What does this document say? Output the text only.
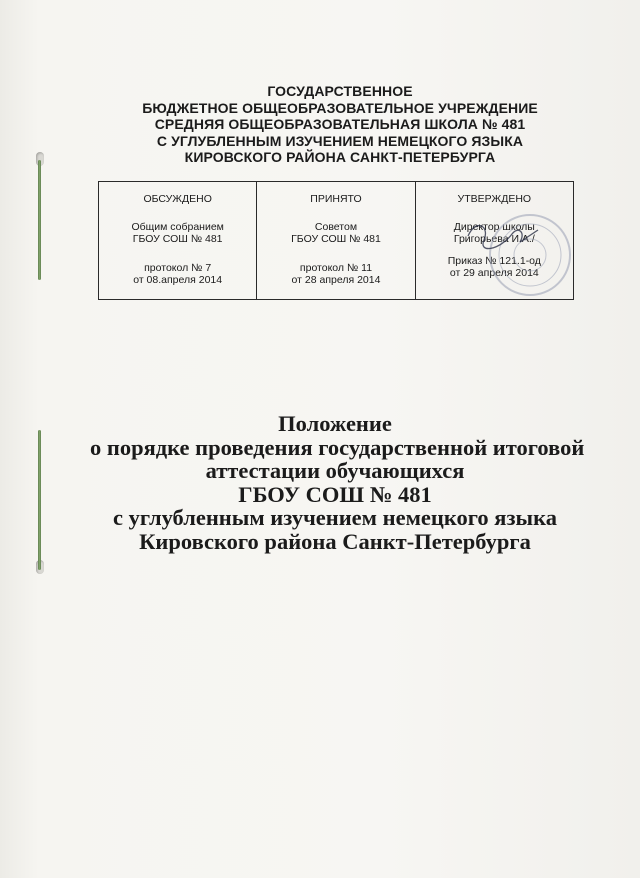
ГОСУДАРСТВЕННОЕ
БЮДЖЕТНОЕ ОБЩЕОБРАЗОВАТЕЛЬНОЕ УЧРЕЖДЕНИЕ
СРЕДНЯЯ ОБЩЕОБРАЗОВАТЕЛЬНАЯ ШКОЛА № 481
С УГЛУБЛЕННЫМ ИЗУЧЕНИЕМ НЕМЕЦКОГО ЯЗЫКА
КИРОВСКОГО РАЙОНА САНКТ-ПЕТЕРБУРГА
ОБСУЖДЕНО
Общим собранием
ГБОУ СОШ № 481
протокол № 7
от 08.апреля 2014
ПРИНЯТО
Советом
ГБОУ СОШ № 481
протокол № 11
от 28 апреля 2014
УТВЕРЖДЕНО
Директор школы
Григорьева И.А./
Приказ № 121.1-од
от 29 апреля 2014
Положение
о порядке проведения государственной итоговой
аттестации обучающихся
ГБОУ СОШ № 481
с углубленным изучением немецкого языка
Кировского района Санкт-Петербурга
